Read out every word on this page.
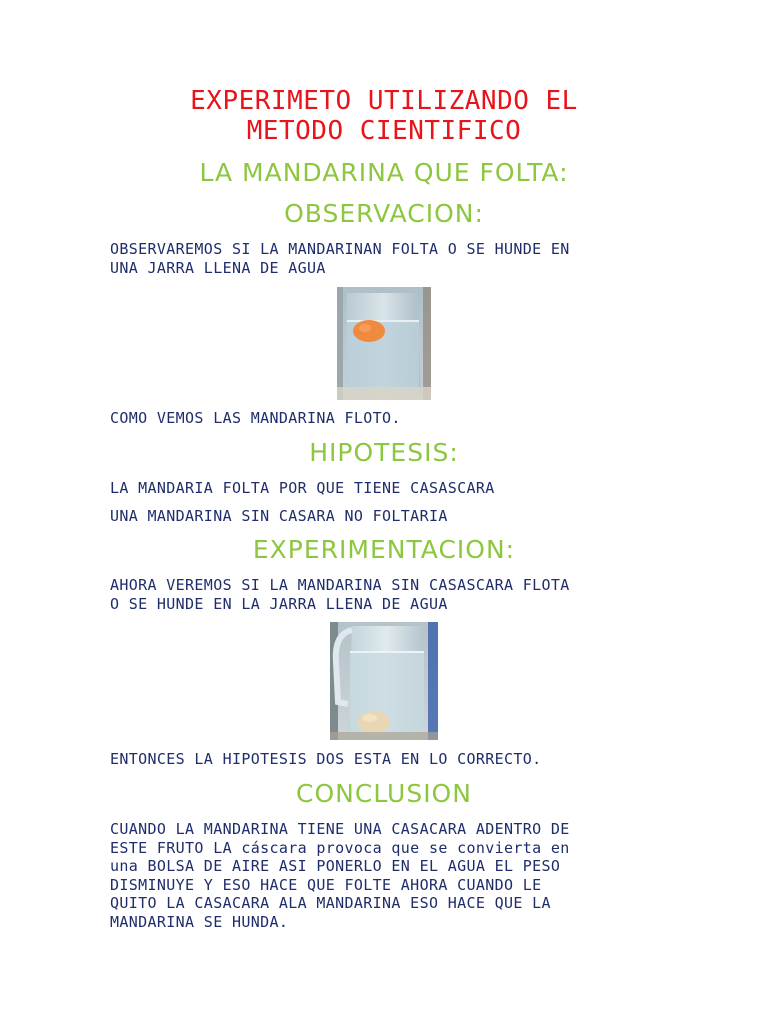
EXPERIMETO UTILIZANDO EL
METODO CIENTIFICO
LA MANDARINA QUE FOLTA:
OBSERVACION:

OBSERVAREMOS SI LA MANDARINAN FOLTA O SE HUNDE EN

UNA JARRA LLENA DE AGUA

COMO VEMOS LAS MANDARINA FLOTO.

HIPOTESIS:

LA MANDARIA FOLTA POR QUE TIENE CASASCARA

UNA MANDARINA SIN CASARA NO FOLTARIA

EXPERIMENTACION:

AHORA VEREMOS SI LA MANDARINA SIN CASASCARA FLOTA

O SE HUNDE EN LA JARRA LLENA DE AGUA

ENTONCES LA HIPOTESIS DOS ESTA EN LO CORRECTO.

CONCLUSION

CUANDO LA MANDARINA TIENE UNA CASACARA ADENTRO DE

ESTE FRUTO LA cáscara provoca que se convierta en

una BOLSA DE AIRE ASI PONERLO EN EL AGUA EL PESO

DISMINUYE Y ESO HACE QUE FOLTE AHORA CUANDO LE

QUITO LA CASACARA ALA MANDARINA ESO HACE QUE LA

MANDARINA SE HUNDA.
